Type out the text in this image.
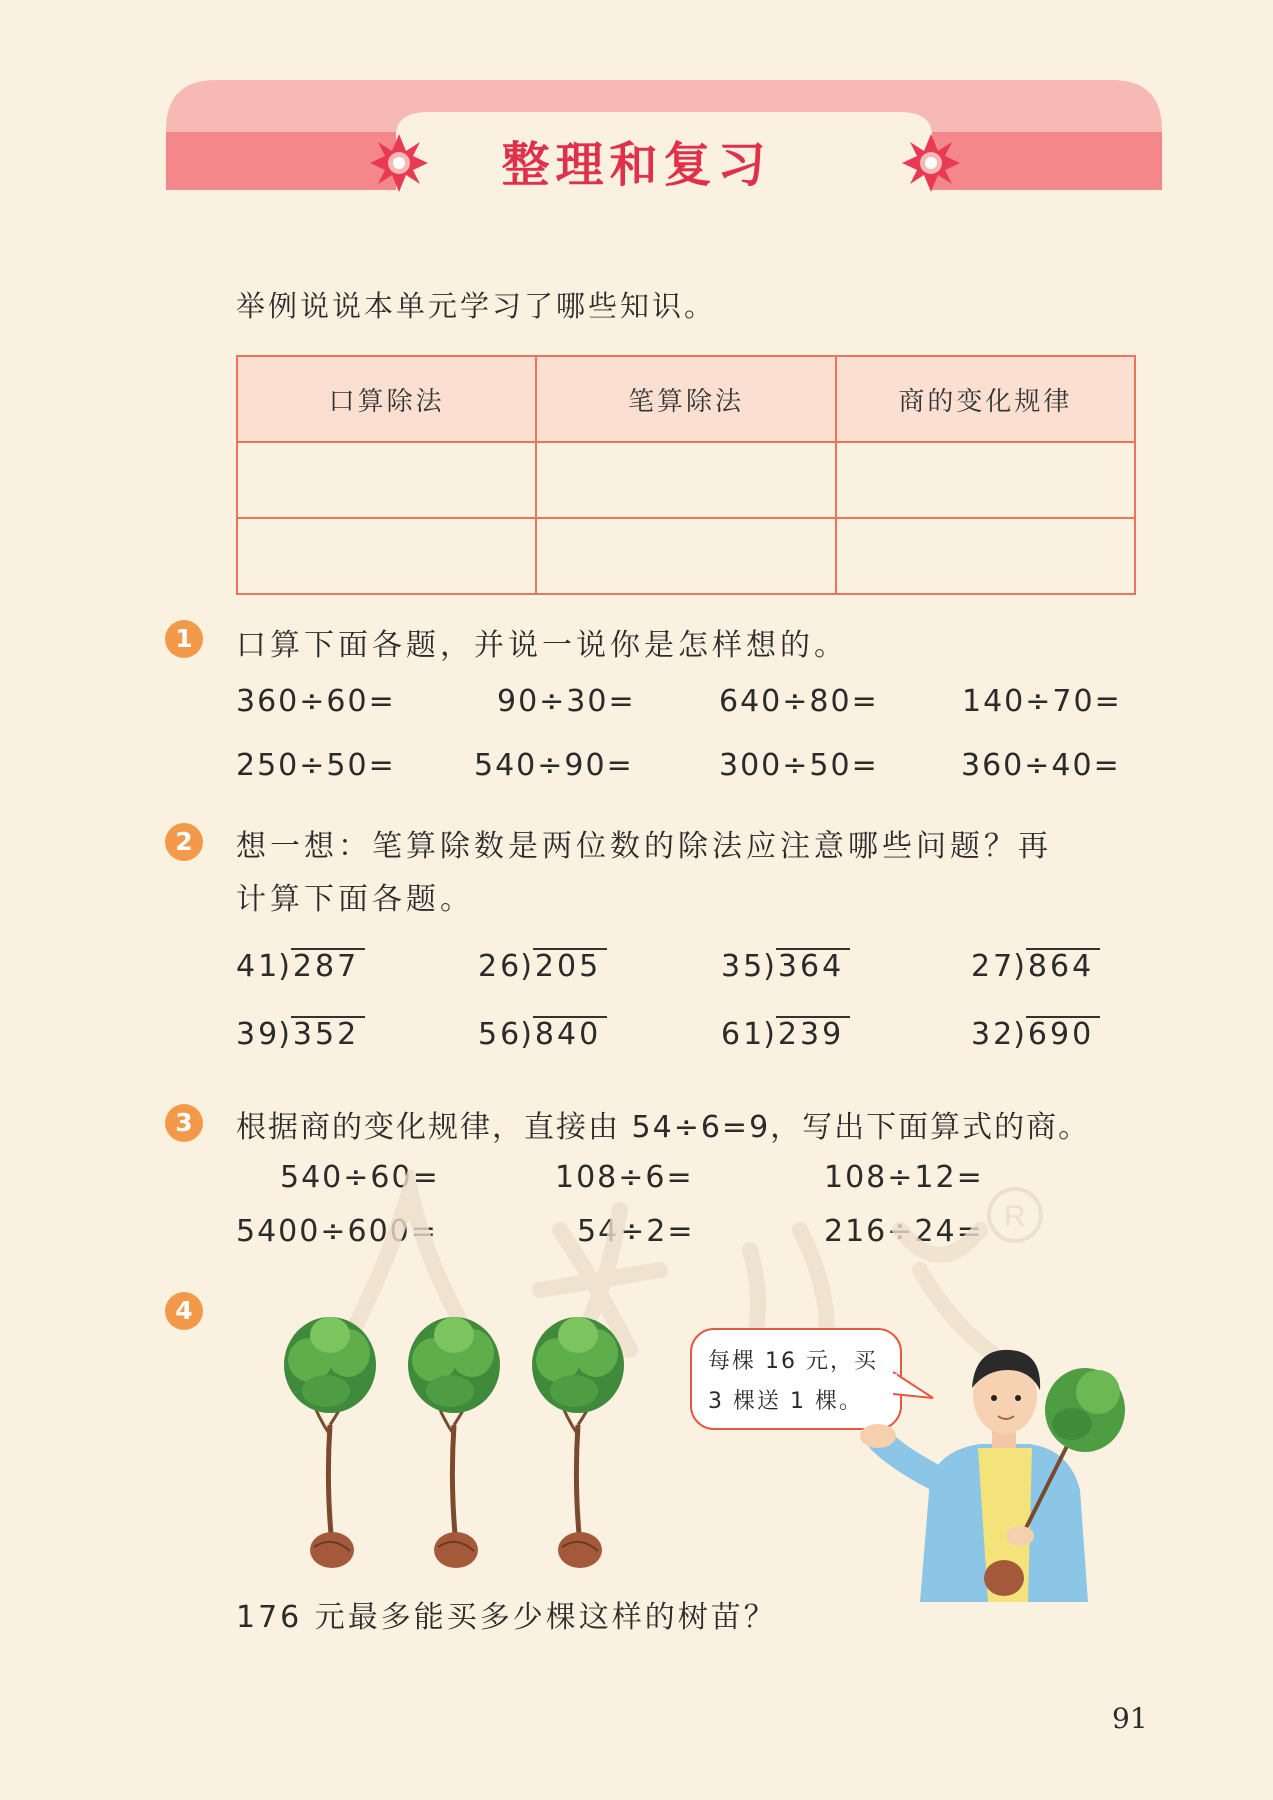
整理和复习
举例说说本单元学习了哪些知识。
口算除法	笔算除法	商的变化规律

1	口算下面各题，并说一说你是怎样想的。
360÷60=	90÷30=	640÷80=	140÷70=
250÷50=	540÷90=	300÷50=	360÷40=
2	想一想：笔算除数是两位数的除法应注意哪些问题？再
计算下面各题。
41)287	26)205	35)364	27)864
39)352	56)840	61)239	32)690
3	根据商的变化规律，直接由 54÷6=9，写出下面算式的商。
540÷60=	108÷6=	108÷12=
5400÷600=	54÷2=	216÷24= R
4
每棵 16 元，买
3 棵送 1 棵。
176 元最多能买多少棵这样的树苗？
91
